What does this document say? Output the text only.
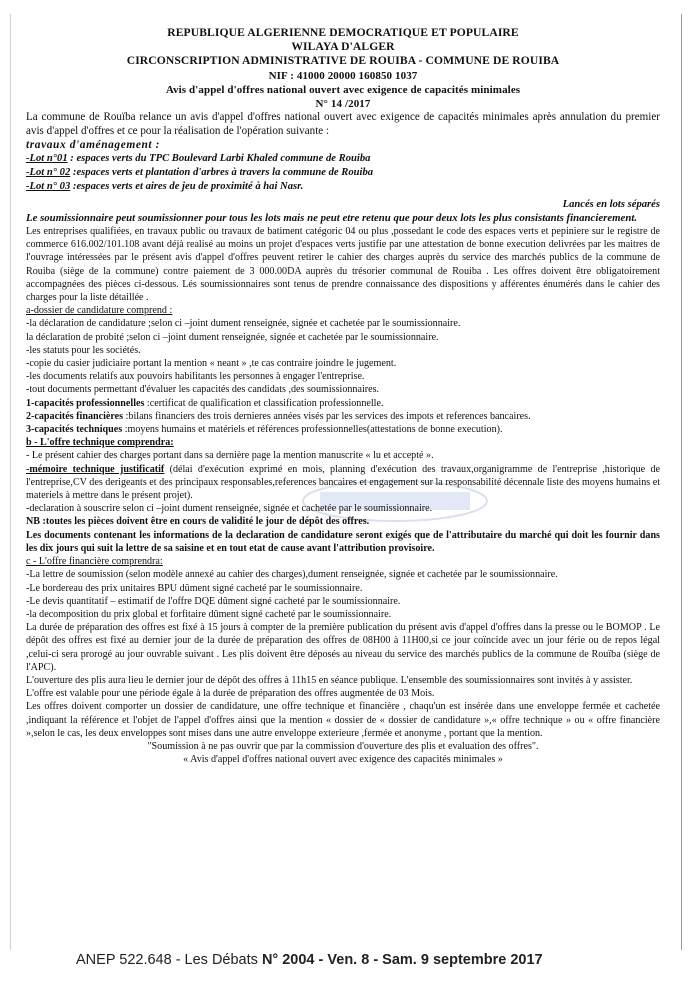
REPUBLIQUE ALGERIENNE DEMOCRATIQUE ET POPULAIRE
WILAYA D'ALGER
CIRCONSCRIPTION ADMINISTRATIVE DE ROUIBA - COMMUNE DE ROUIBA
NIF : 41000 20000 160850 1037
Avis d'appel d'offres national ouvert avec exigence de capacités minimales
N° 14 /2017

La commune de Rouïba relance un avis d'appel d'offres national ouvert avec exigence de capacités minimales après annulation du premier avis d'appel d'offres et ce pour la réalisation de l'opération suivante :

travaux d'aménagement :
-Lot n°01 : espaces verts du TPC Boulevard Larbi Khaled commune de Rouiba
-Lot n° 02 :espaces verts et plantation d'arbres à travers la commune de Rouiba
-Lot n° 03 :espaces verts et aires de jeu de proximité à hai Nasr.
Lancés en lots séparés

Le soumissionnaire peut soumissionner pour tous les lots mais ne peut etre retenu que pour deux lots les plus consistants financierement.

Les entreprises qualifiées, en travaux public ou travaux de batiment catégoric 04 ou plus ,possedant le code des espaces verts et pepiniere sur le registre de commerce 616.002/101.108 avant déjà realisé au moins un projet d'espaces verts justifie par une attestation de bonne execution delivrées par les maitres de l'ouvrage intéressées par le présent avis d'appel d'offres peuvent retirer le cahier des charges auprès du service des marchés publics de la commune de Rouiba (siège de la commune) contre paiement de 3 000.00DA auprès du trésorier communal de Rouiba . Les offres doivent être obligatoirement accompagnées des pièces ci-dessous. Lés soumissionnaires sont tenus de prendre connaissance des dispositions y afférentes énumérés dans le cahier des charges pour la liste détaillée .

a-dossier de candidature comprend :
-la déclaration de candidature ;selon ci –joint dument renseignée, signée et cachetée par le soumissionnaire.
la déclaration de probité ;selon ci –joint dument renseignée, signée et cachetée par le soumissionnaire.
-les statuts pour les sociétés.
-copie du casier judiciaire portant la mention « neant » ,te cas contraire joindre le jugement.
-les documents relatifs aux pouvoirs habilitants les personnes à engager l'entreprise.
-tout documents permettant d'évaluer les capacités des candidats ,des soumissionnaires.
1-capacités professionnelles :certificat de qualification et classification professionnelle.
2-capacités financières :bilans financiers des trois dernieres années visés par les services des impots et references bancaires.
3-capacités techniques :moyens humains et matériels et références professionnelles(attestations de bonne execution).
b - L'offre technique comprendra:
- Le présent cahier des charges portant dans sa dernière page la mention manuscrite « lu et accepté ».

-mémoire technique justificatif (délai d'exécution exprimé en mois, planning d'exécution des travaux,organigramme de l'entreprise ,historique de l'entreprise,CV des derigeants et des principaux responsables,references bancaires et engagement sur la responsabilité décennale liste des moyens humains et materiels à mettre dans le présent projet).

-declaration à souscrire selon ci –joint dument renseignée, signée et cachetée par le soumissionnaire.
NB :toutes les pièces doivent être en cours de validité le jour de dépôt des offres.

Les documents contenant les informations de la declaration de candidature seront exigés que de l'attributaire du marché qui doit les fournir dans les dix jours qui suit la lettre de sa saisine et en tout etat de cause avant l'attribution provisoire.

c - L'offre financière comprendra:
-La lettre de soumission (selon modèle annexé au cahier des charges),dument renseignée, signée et cachetée par le soumissionnaire.
-Le bordereau des prix unitaires BPU dûment signé cacheté par le soumissionnaire.
-Le devis quantitatif – estimatif de l'offre DQE dûment signé cacheté par le soumissionnaire.
-la decomposition du prix global et forfitaire dûment signé cacheté par le soumissionnaire.

La durée de préparation des offres est fixé à 15 jours à compter de la première publication du présent avis d'appel d'offres dans la presse ou le BOMOP . Le dépôt des offres est fixé au dernier jour de la durée de préparation des offres de 08H00 à 11H00,si ce jour coïncide avec un jour férie ou de repos légal ,celui-ci sera prorogé au jour ouvrable suivant . Les plis doivent être déposés au niveau du service des marchés publics de la commune de Rouïba (siège de l'APC).

L'ouverture des plis aura lieu le dernier jour de dépôt des offres à 11h15 en séance publique. L'ensemble des soumissionnaires sont invités à y assister.

L'offre est valable pour une période égale à la durée de préparation des offres augmentée de 03 Mois.

Les offres doivent comporter un dossier de candidature, une offre technique et financière , chaqu'un est insérée dans une enveloppe fermée et cachetée ,indiquant la référence et l'objet de l'appel d'offres ainsi que la mention « dossier de « dossier de candidature »,« offre technique » ou « offre financière »,selon le cas, les deux enveloppes sont mises dans une autre enveloppe exterieure ,fermée et anonyme , portant que la mention.

"Soumission à ne pas ouvrir que par la commission d'ouverture des plis et evaluation des offres".
« Avis d'appel d'offres national ouvert avec exigence des capacités minimales »
ANEP 522.648 - Les Débats N° 2004 - Ven. 8 - Sam. 9 septembre 2017
